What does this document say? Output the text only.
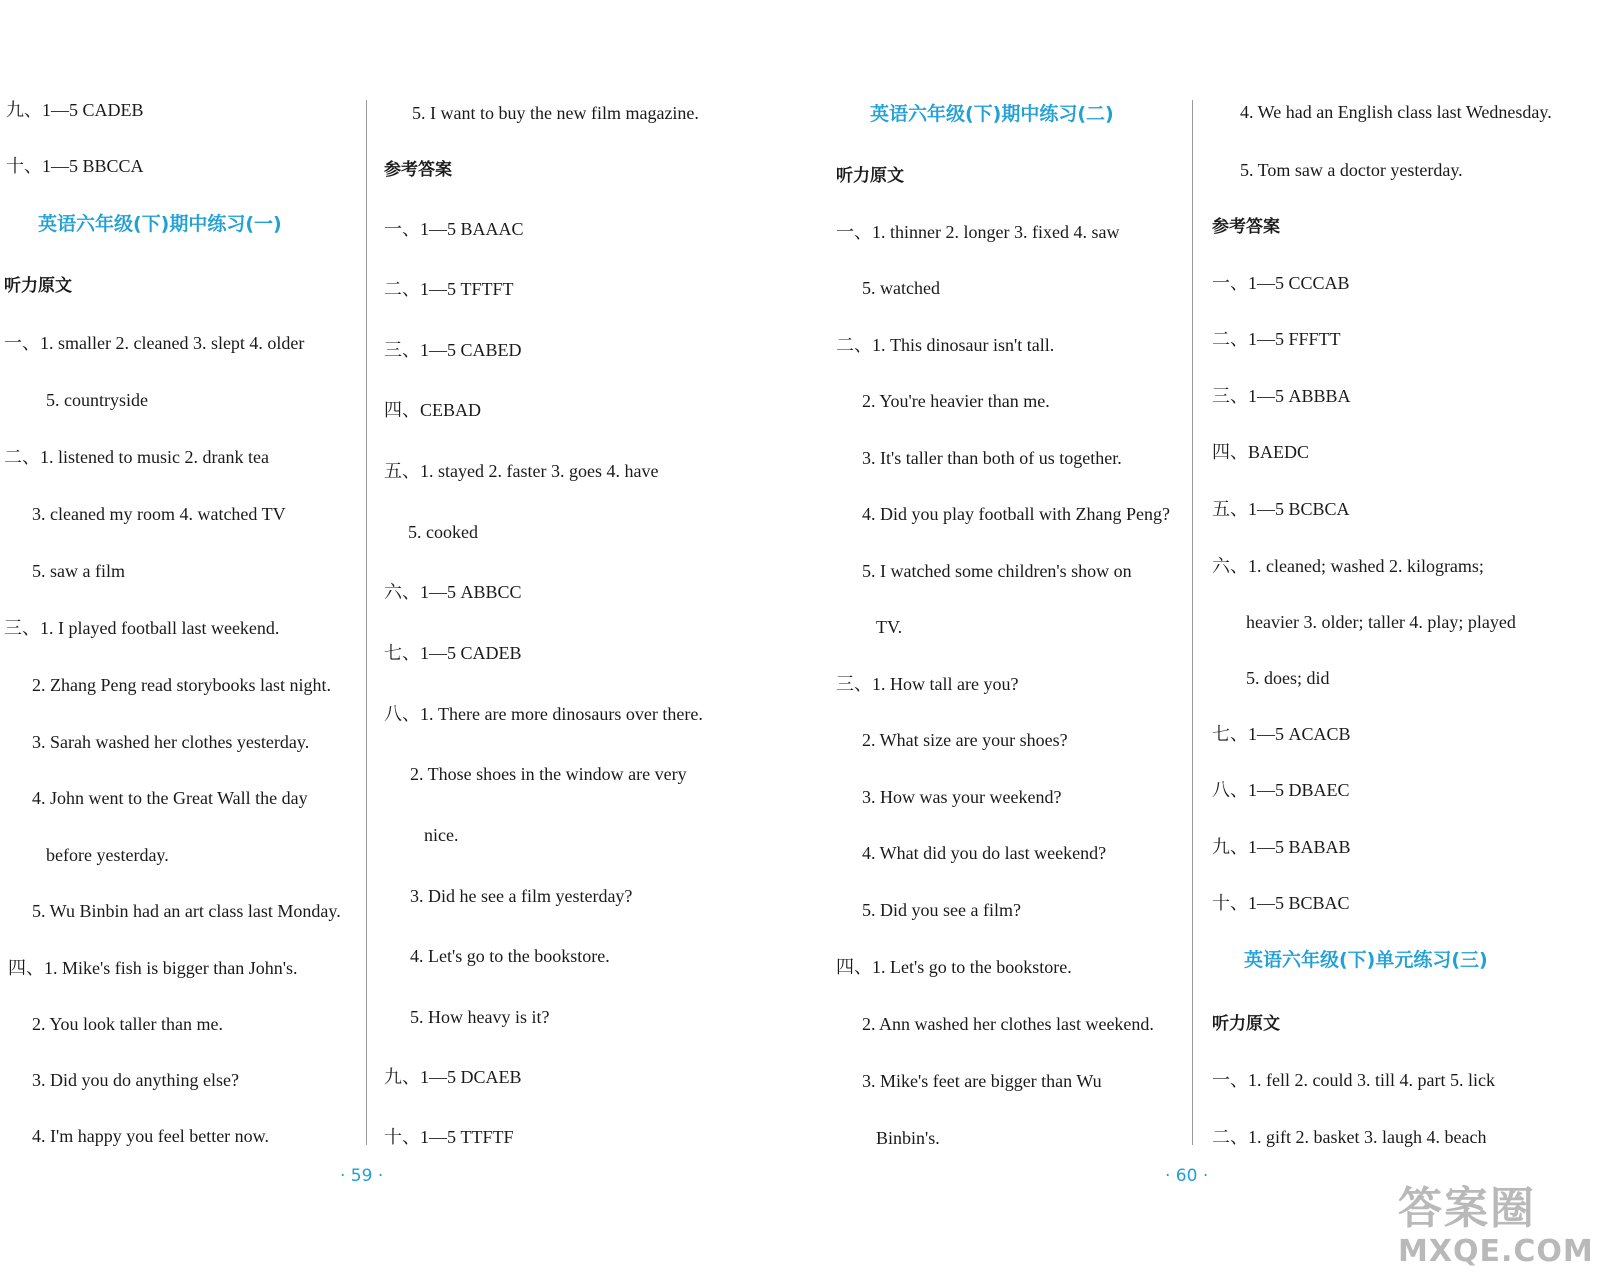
九、1—5 CADEB
十、1—5 BBCCA
英语六年级(下)期中练习(一)
听力原文
一、1. smaller 2. cleaned 3. slept 4. older
5. countryside
二、1. listened to music 2. drank tea
3. cleaned my room 4. watched TV
5. saw a film
三、1. I played football last weekend.
2. Zhang Peng read storybooks last night.
3. Sarah washed her clothes yesterday.
4. John went to the Great Wall the day
before yesterday.
5. Wu Binbin had an art class last Monday.
四、1. Mike's fish is bigger than John's.
2. You look taller than me.
3. Did you do anything else?
4. I'm happy you feel better now.
5. I want to buy the new film magazine.
参考答案
一、1—5 BAAAC
二、1—5 TFTFT
三、1—5 CABED
四、CEBAD
五、1. stayed 2. faster 3. goes 4. have
5. cooked
六、1—5 ABBCC
七、1—5 CADEB
八、1. There are more dinosaurs over there.
2. Those shoes in the window are very
nice.
3. Did he see a film yesterday?
4. Let's go to the bookstore.
5. How heavy is it?
九、1—5 DCAEB
十、1—5 TTFTF
· 59 ·
英语六年级(下)期中练习(二)
听力原文
一、1. thinner 2. longer 3. fixed 4. saw
5. watched
二、1. This dinosaur isn't tall.
2. You're heavier than me.
3. It's taller than both of us together.
4. Did you play football with Zhang Peng?
5. I watched some children's show on
TV.
三、1. How tall are you?
2. What size are your shoes?
3. How was your weekend?
4. What did you do last weekend?
5. Did you see a film?
四、1. Let's go to the bookstore.
2. Ann washed her clothes last weekend.
3. Mike's feet are bigger than Wu
Binbin's.
4. We had an English class last Wednesday.
5. Tom saw a doctor yesterday.
参考答案
一、1—5 CCCAB
二、1—5 FFFTT
三、1—5 ABBBA
四、BAEDC
五、1—5 BCBCA
六、1. cleaned; washed 2. kilograms;
heavier 3. older; taller 4. play; played
5. does; did
七、1—5 ACACB
八、1—5 DBAEC
九、1—5 BABAB
十、1—5 BCBAC
英语六年级(下)单元练习(三)
听力原文
一、1. fell 2. could 3. till 4. part 5. lick
二、1. gift 2. basket 3. laugh 4. beach
· 60 ·
答案圈
MXQE.COM
